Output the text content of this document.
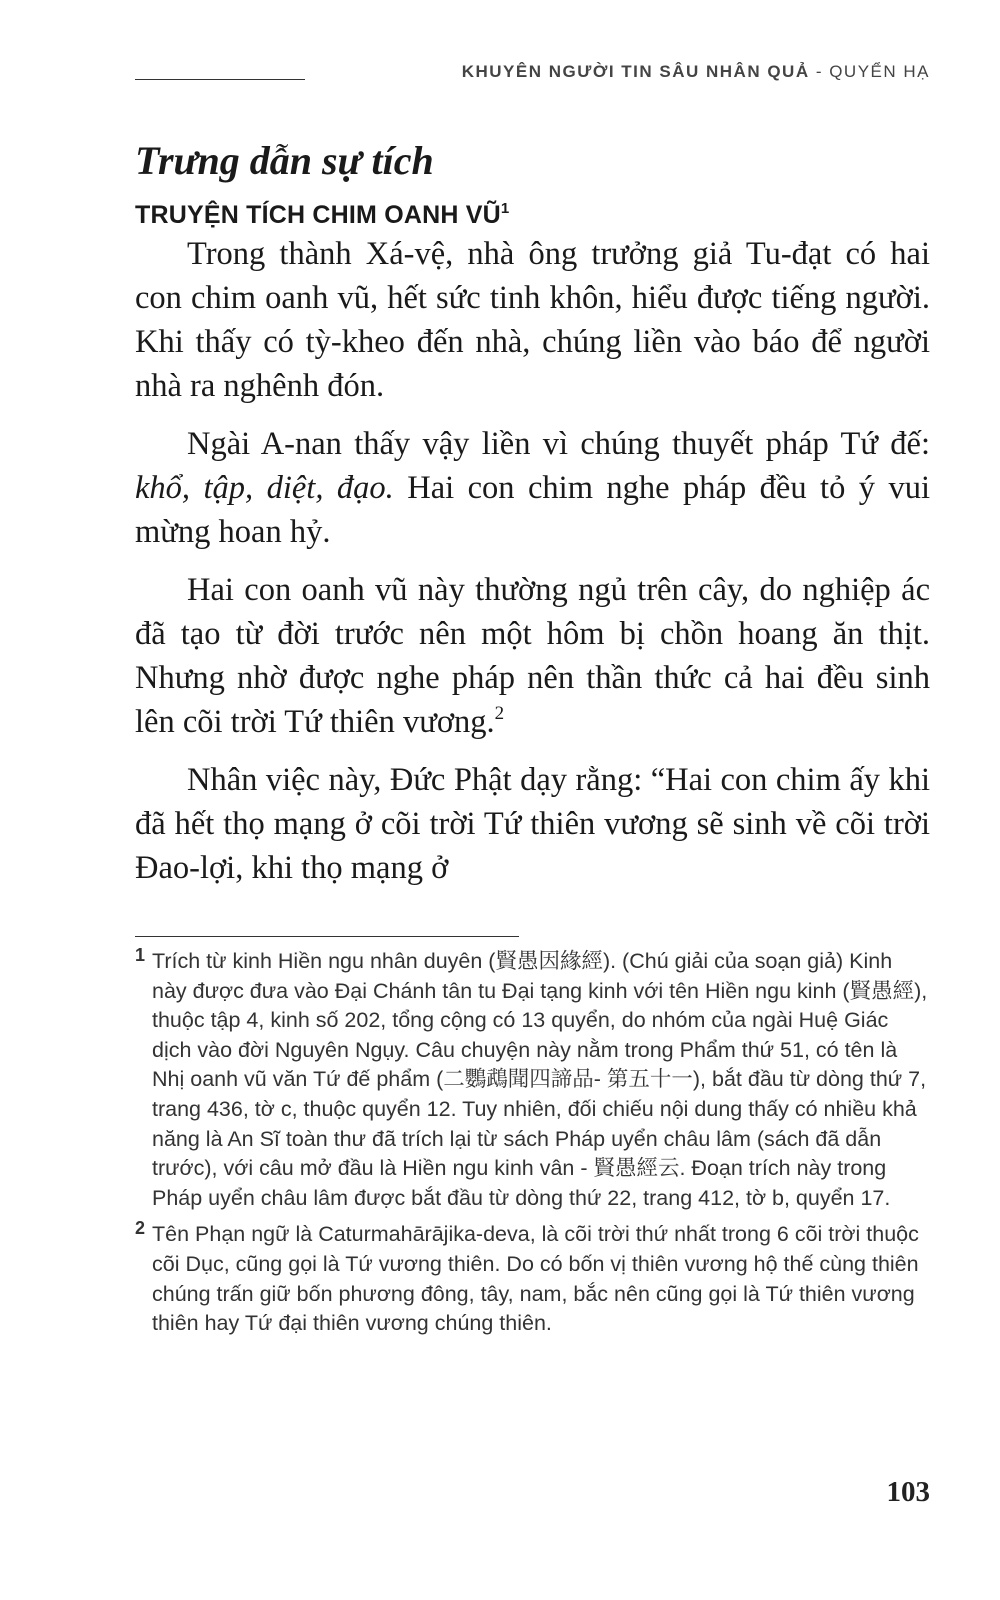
KHUYÊN NGƯỜI TIN SÂU NHÂN QUẢ - QUYỂN HẠ
Trưng dẫn sự tích
TRUYỆN TÍCH CHIM OANH $VŨ^1$

Trong thành Xá-vệ, nhà ông trưởng giả Tu-đạt có hai con chim oanh vũ, hết sức tinh khôn, hiểu được tiếng người. Khi thấy có tỳ-kheo đến nhà, chúng liền vào báo để người nhà ra nghênh đón.

Ngài A-nan thấy vậy liền vì chúng thuyết pháp Tứ đế: khổ, tập, diệt, đạo. Hai con chim nghe pháp đều tỏ ý vui mừng hoan hỷ.

Hai con oanh vũ này thường ngủ trên cây, do nghiệp ác đã tạo từ đời trước nên một hôm bị chồn hoang ăn thịt. Nhưng nhờ được nghe pháp nên thần thức cả hai đều sinh lên cõi trời Tứ thiên vương.$^2$

Nhân việc này, Đức Phật dạy rằng: “Hai con chim ấy khi đã hết thọ mạng ở cõi trời Tứ thiên vương sẽ sinh về cõi trời Đao-lợi, khi thọ mạng ở

1 Trích từ kinh Hiền ngu nhân duyên (賢愚因緣經). (Chú giải của soạn giả) Kinh này được đưa vào Đại Chánh tân tu Đại tạng kinh với tên Hiền ngu kinh (賢愚經), thuộc tập 4, kinh số 202, tổng cộng có 13 quyển, do nhóm của ngài Huệ Giác dịch vào đời Nguyên Ngụy. Câu chuyện này nằm trong Phẩm thứ 51, có tên là Nhị oanh vũ văn Tứ đế phẩm (二鸚鵡聞四諦品- 第五十一), bắt đầu từ dòng thứ 7, trang 436, tờ c, thuộc quyển 12. Tuy nhiên, đối chiếu nội dung thấy có nhiều khả năng là An Sĩ toàn thư đã trích lại từ sách Pháp uyển châu lâm (sách đã dẫn trước), với câu mở đầu là Hiền ngu kinh vân - 賢愚經云. Đoạn trích này trong Pháp uyển châu lâm được bắt đầu từ dòng thứ 22, trang 412, tờ b, quyển 17.
2 Tên Phạn ngữ là Caturmahārājika-deva, là cõi trời thứ nhất trong 6 cõi trời thuộc cõi Dục, cũng gọi là Tứ vương thiên. Do có bốn vị thiên vương hộ thế cùng thiên chúng trấn giữ bốn phương đông, tây, nam, bắc nên cũng gọi là Tứ thiên vương thiên hay Tứ đại thiên vương chúng thiên.
103
